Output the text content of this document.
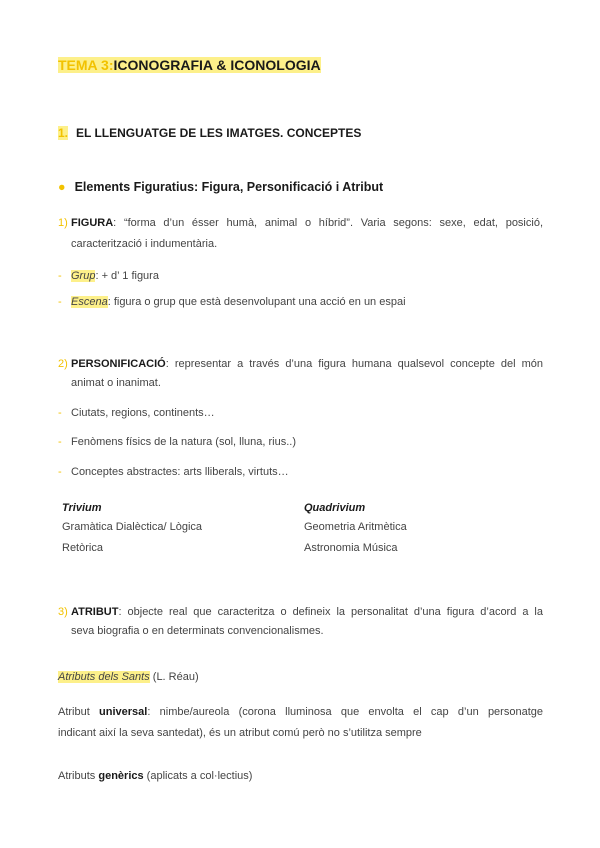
TEMA 3:ICONOGRAFIA & ICONOLOGIA
1. EL LLENGUATGE DE LES IMATGES. CONCEPTES
● Elements Figuratius: Figura, Personificació i Atribut
1) FIGURA: “forma d’un ésser humà, animal o híbrid”. Varia segons: sexe, edat, posició,
caracterització i indumentària.
- Grup: + d’ 1 figura
- Escena: figura o grup que està desenvolupant una acció en un espai
2) PERSONIFICACIÓ: representar a través d’una figura humana qualsevol concepte del món
animat o inanimat.
- Ciutats, regions, continents…
- Fenòmens físics de la natura (sol, lluna, rius..)
- Conceptes abstractes: arts lliberals, virtuts…
Trivium
Gramàtica Dialèctica/ Lògica
Retòrica
Quadrivium
Geometria Aritmètica
Astronomia Música
3) ATRIBUT: objecte real que caracteritza o defineix la personalitat d’una figura d’acord a la
seva biografia o en determinats convencionalismes.
Atributs dels Sants (L. Réau)
Atribut universal: nimbe/aureola (corona lluminosa que envolta el cap d’un personatge
indicant així la seva santedat), és un atribut comú però no s’utilitza sempre
Atributs genèrics (aplicats a col·lectius)
